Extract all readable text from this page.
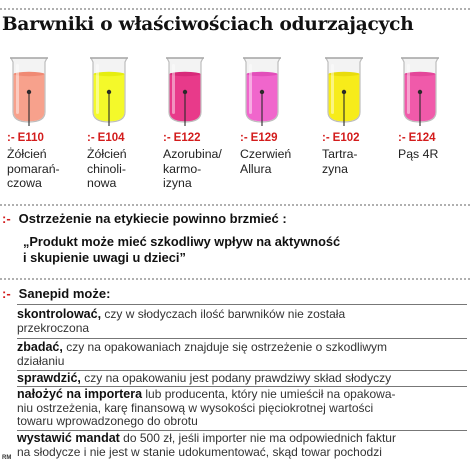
Barwniki o właściwościach odurzających
:- E110
Żółcień
pomarań-
czowa
:- E104
Żółcień
chinoli-
nowa
:- E122
Azorubina/
karmo-
izyna
:- E129
Czerwień
Allura
:- E102
Tartra-
zyna
:- E124
Pąs 4R
:- Ostrzeżenie na etykiecie powinno brzmieć :
„Produkt może mieć szkodliwy wpływ na aktywność
i skupienie uwagi u dzieci”
:- Sanepid może:
skontrolować, czy w słodyczach ilość barwników nie została
przekroczona
zbadać, czy na opakowaniach znajduje się ostrzeżenie o szkodliwym
działaniu
sprawdzić, czy na opakowaniu jest podany prawdziwy skład słodyczy
nałożyć na importera lub producenta, który nie umieścił na opakowa-
niu ostrzeżenia, karę finansową w wysokości pięciokrotnej wartości
towaru wprowadzonego do obrotu
wystawić mandat do 500 zł, jeśli importer nie ma odpowiednich faktur
na słodycze i nie jest w stanie udokumentować, skąd towar pochodzi
RM
